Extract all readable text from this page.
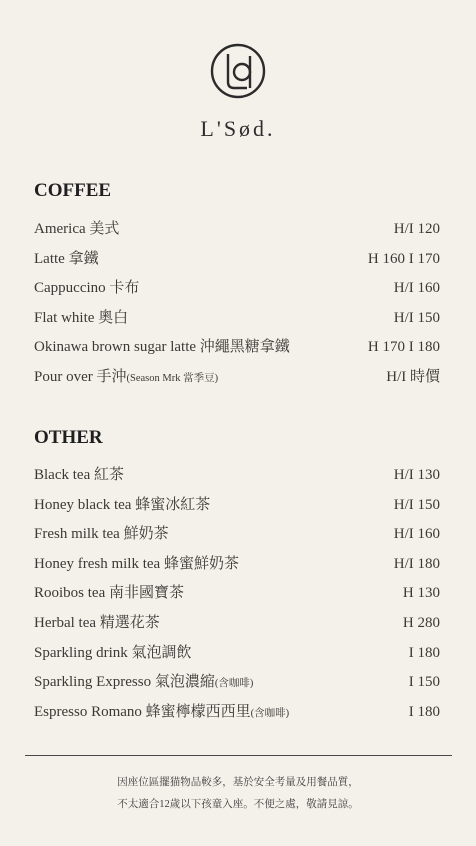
L'Sød.
COFFEE
America 美式	H/I 120
Latte 拿鐵	H 160 I 170
Cappuccino 卡布	H/I 160
Flat white 奧白	H/I 150
Okinawa brown sugar latte 沖繩黑糖拿鐵	H 170 I 180
Pour over 手沖(Season Mrk 當季豆)	H/I 時價
OTHER
Black tea 紅茶	H/I 130
Honey black tea 蜂蜜冰紅茶	H/I 150
Fresh milk tea 鮮奶茶	H/I 160
Honey fresh milk tea 蜂蜜鮮奶茶	H/I 180
Rooibos tea 南非國寶茶	H 130
Herbal tea 精選花茶	H 280
Sparkling drink 氣泡調飲	I 180
Sparkling Expresso 氣泡濃縮(含咖啡)	I 150
Espresso Romano 蜂蜜檸檬西西里(含咖啡)	I 180
因座位區擺猫物品較多，基於安全考量及用餐品質，
不太適合12歲以下孩童入座。不便之處，敬請見諒。
